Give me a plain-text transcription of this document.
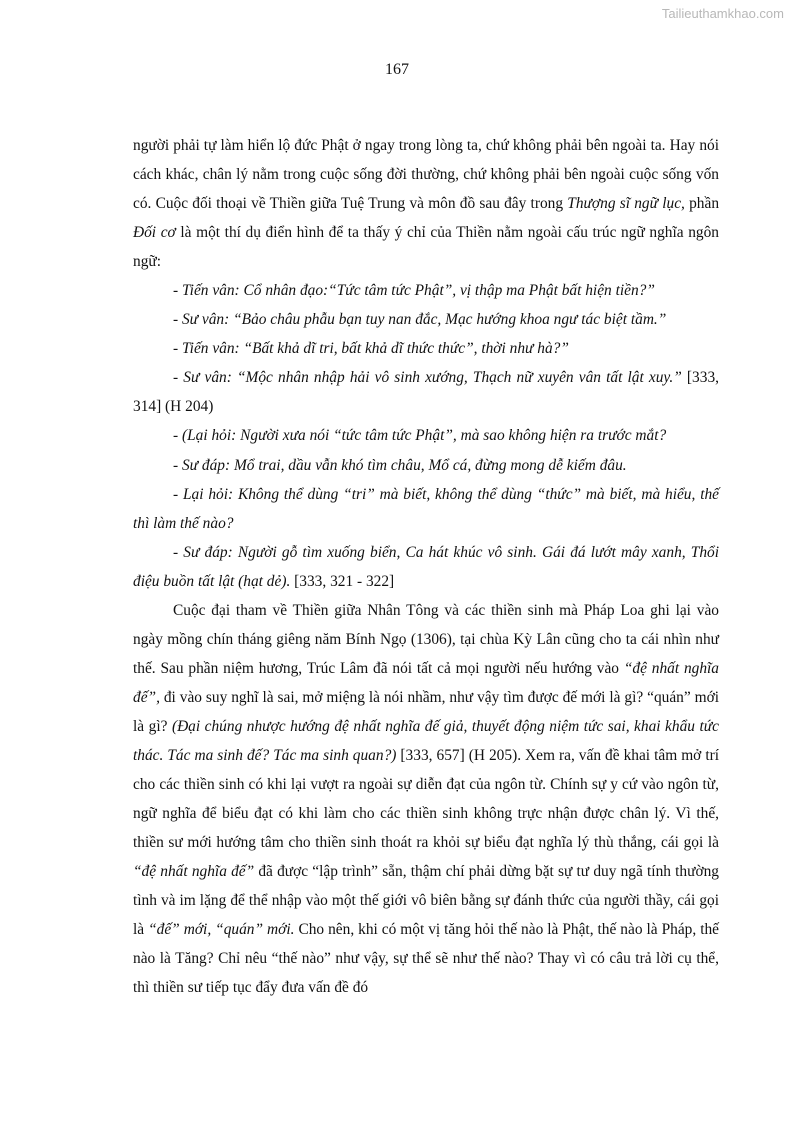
Tailieuthamkhao.com
167

người phải tự làm hiển lộ đức Phật ở ngay trong lòng ta, chứ không phải bên ngoài ta. Hay nói cách khác, chân lý nằm trong cuộc sống đời thường, chứ không phải bên ngoài cuộc sống vốn có. Cuộc đối thoại về Thiền giữa Tuệ Trung và môn đồ sau đây trong Thượng sĩ ngữ lục, phần Đối cơ là một thí dụ điển hình để ta thấy ý chỉ của Thiền nằm ngoài cấu trúc ngữ nghĩa ngôn ngữ:

- Tiến vân: Cổ nhân đạo:“Tức tâm tức Phật”, vị thập ma Phật bất hiện tiền?”

- Sư vân: “Bảo châu phẫu bạn tuy nan đắc, Mạc hướng khoa ngư tác biệt tầm.”

- Tiến vân: “Bất khả dĩ tri, bất khả dĩ thức thức”, thời như hà?”

- Sư vân: “Mộc nhân nhập hải vô sinh xướng, Thạch nữ xuyên vân tất lật xuy.” [333, 314] (H 204)

- (Lại hỏi: Người xưa nói “tức tâm tức Phật”, mà sao không hiện ra trước mắt?

- Sư đáp: Mổ trai, dầu vẫn khó tìm châu, Mổ cá, đừng mong dễ kiếm đâu.

- Lại hỏi: Không thể dùng “tri” mà biết, không thể dùng “thức” mà biết, mà hiểu, thế thì làm thế nào?

- Sư đáp: Người gỗ tìm xuống biển, Ca hát khúc vô sinh. Gái đá lướt mây xanh, Thổi điệu buồn tất lật (hạt dẻ). [333, 321 - 322]

Cuộc đại tham về Thiền giữa Nhân Tông và các thiền sinh mà Pháp Loa ghi lại vào ngày mồng chín tháng giêng năm Bính Ngọ (1306), tại chùa Kỳ Lân cũng cho ta cái nhìn như thế. Sau phần niệm hương, Trúc Lâm đã nói tất cả mọi người nếu hướng vào “đệ nhất nghĩa đế”, đi vào suy nghĩ là sai, mở miệng là nói nhầm, như vậy tìm được đế mới là gì? “quán” mới là gì? (Đại chúng nhược hướng đệ nhất nghĩa đế giả, thuyết động niệm tức sai, khai khẩu tức thác. Tác ma sinh đế? Tác ma sinh quan?) [333, 657] (H 205). Xem ra, vấn đề khai tâm mở trí cho các thiền sinh có khi lại vượt ra ngoài sự diễn đạt của ngôn từ. Chính sự y cứ vào ngôn từ, ngữ nghĩa để biểu đạt có khi làm cho các thiền sinh không trực nhận được chân lý. Vì thế, thiền sư mới hướng tâm cho thiền sinh thoát ra khỏi sự biểu đạt nghĩa lý thù thắng, cái gọi là “đệ nhất nghĩa đế” đã được “lập trình” sẵn, thậm chí phải dừng bặt sự tư duy ngã tính thường tình và im lặng để thể nhập vào một thế giới vô biên bằng sự đánh thức của người thầy, cái gọi là “đế” mới, “quán” mới. Cho nên, khi có một vị tăng hỏi thế nào là Phật, thế nào là Pháp, thế nào là Tăng? Chỉ nêu “thế nào” như vậy, sự thể sẽ như thế nào? Thay vì có câu trả lời cụ thể, thì thiền sư tiếp tục đẩy đưa vấn đề đó
